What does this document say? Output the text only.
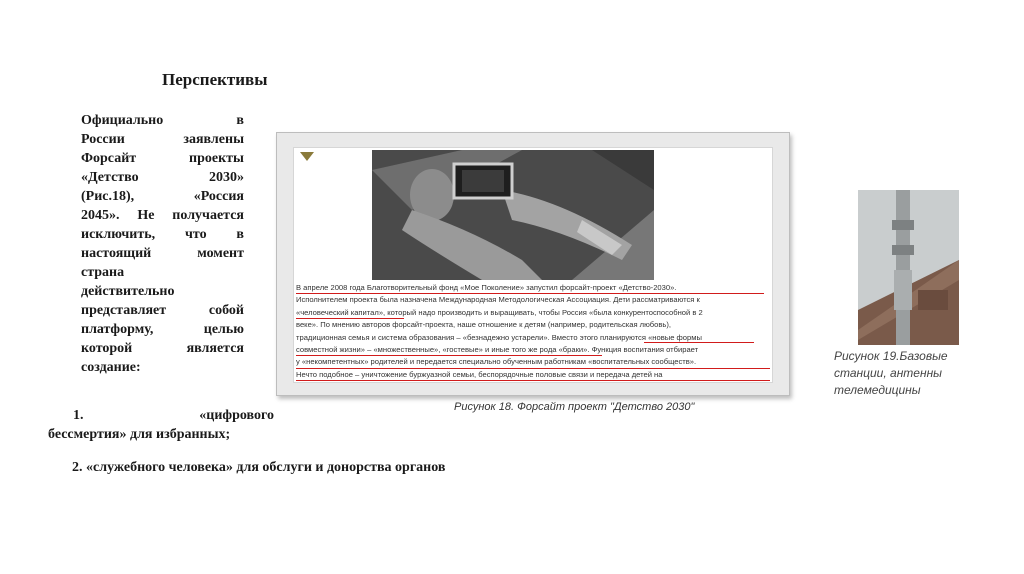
Перспективы
Официально в
России заявлены
Форсайт проекты
«Детство 2030»
(Рис.18), «Россия
2045». Не получается
исключить, что в
настоящий момент
страна
действительно
представляет собой
платформу, целью
которой является
создание:
1.	«цифрового
бессмертия» для избранных;
2. «служебного человека» для обслуги и донорства органов
В апреле 2008 года Благотворительный фонд «Мое Поколение» запустил форсайт-проект «Детство-2030».
Исполнителем проекта была назначена Международная Методологическая Ассоциация. Дети рассматриваются к
«человеческий капитал», который надо производить и выращивать, чтобы Россия «была конкурентоспособной в 2
веке». По мнению авторов форсайт-проекта, наше отношение к детям (например, родительская любовь),
традиционная семья и система образования – «безнадежно устарели». Вместо этого планируются «новые формы
совместной жизни» – «множественные», «гостевые» и иные того же рода «браки». Функция воспитания отбирает
у «некомпетентных» родителей и передается специально обученным работникам «воспитательных сообществ».
Нечто подобное – уничтожение буржуазной семьи, беспорядочные половые связи и передача детей на
Рисунок 18. Форсайт проект "Детство 2030"
Рисунок 19.Базовые
станции, антенны
телемедицины
